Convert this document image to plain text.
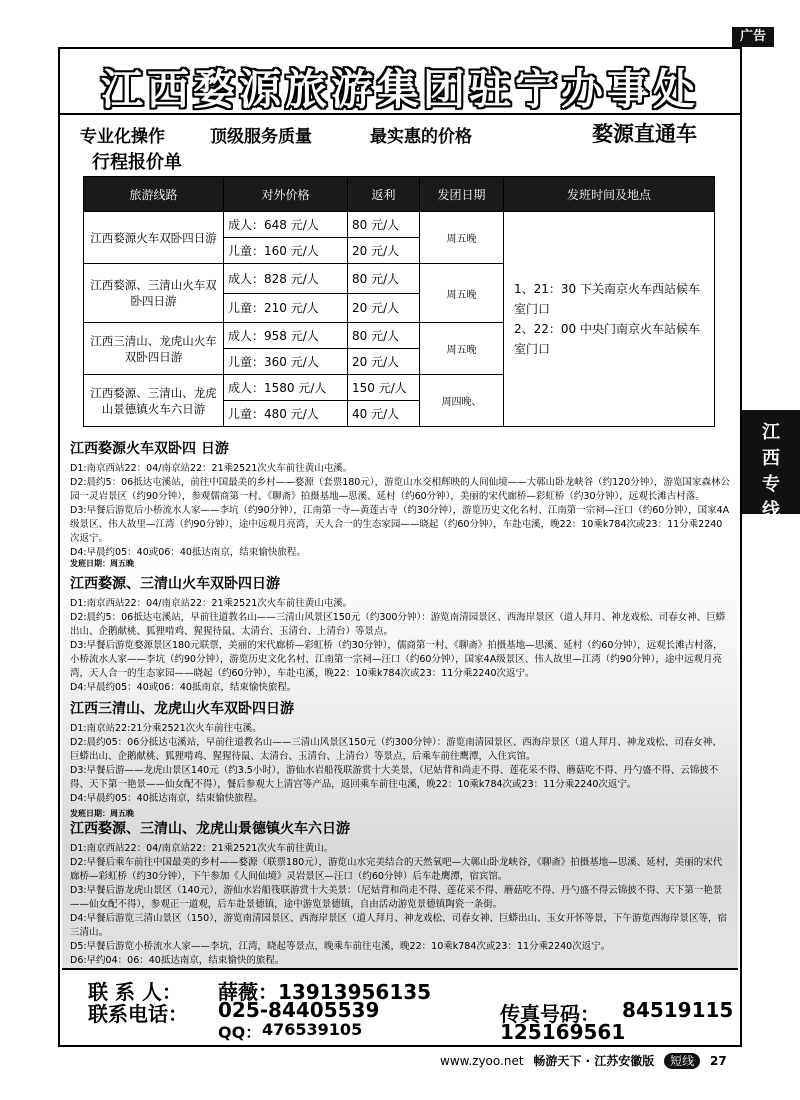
广告
江西婺源旅游集团驻宁办事处
专业化操作	顶级服务质量	最实惠的价格	婺源直通车
行程报价单
旅游线路	对外价格	返利	发团日期	发班时间及地点
江西婺源火车双卧四日游	成人：648 元/人	80 元/人	周五晚	1、21：30 下关南京火车西站候车室门口
2、22：00 中央门南京火车站候车室门口

	儿童：160 元/人	20 元/人		
江西婺源、三清山火车双卧四日游	成人：828 元/人	80 元/人	周五晚	
	儿童：210 元/人	20 元/人		
江西三清山、龙虎山火车双卧四日游	成人：958 元/人	80 元/人	周五晚	
	儿童：360 元/人	20 元/人		
江西婺源、三清山、龙虎山景德镇火车六日游	成人：1580 元/人	150 元/人	周四晚、	
	儿童：480 元/人	40 元/人		
江西专线

江西婺源火车双卧四 日游

D1:南京西站22：04/南京站22：21乘2521次火车前往黄山屯溪。

D2:晨约5：06抵达屯溪站，前往中国最美的乡村——婺源（套票180元），游览山水交相辉映的人间仙境——大鄣山卧龙峡谷（约120分钟），游览国家森林公园一灵岩景区（约90分钟），参观儒商第一村、《聊斋》拍摄基地—思溪、延村（约60分钟），美丽的宋代廊桥—彩虹桥（约30分钟），远观长滩古村落。

D3:早餐后游览后小桥流水人家——李坑（约90分钟），江南第一寺—黄莲古寺（约30分钟），游览历史文化名村、江南第一宗祠—汪口（约60分钟），国家4A级景区、伟人故里—江湾（约90分钟），途中远观月亮湾，天人合一的生态家园——晓起（约60分钟），车赴屯溪，晚22：10乘k784次或23：11分乘2240次返宁。

D4:早晨约05：40或06：40抵达南京，结束愉快旅程。

发班日期：周五晚

江西婺源、三清山火车双卧四日游

D1:南京西站22：04/南京站22：21乘2521次火车前往黄山屯溪。

D2:晨约5：06抵达屯溪站，早前往道教名山——三清山风景区150元（约300分钟）：游览南清园景区、西海岸景区（道人拜月、神龙戏松、司春女神、巨蟒出山、企鹅献桃、狐狸啃鸡、猩猩待鼠、太清台、玉清台、上清台）等景点。

D3:早餐后游览婺源景区180元联票，美丽的宋代廊桥—彩虹桥（约30分钟），儒商第一村、《聊斋》拍摄基地—思溪、延村（约60分钟），远观长滩古村落，小桥流水人家——李坑（约90分钟），游览历史文化名村、江南第一宗祠—汪口（约60分钟），国家4A级景区、伟人故里—江湾（约90分钟），途中远观月亮湾，天人合一的生态家园——晓起（约60分钟），车赴屯溪，晚22：10乘k784次或23：11分乘2240次返宁。

D4:早晨约05：40或06：40抵南京，结束愉快旅程。

江西三清山、龙虎山火车双卧四日游

D1:南京站22:21分乘2521次火车前往屯溪。

D2:晨约05：06分抵达屯溪站，早前往道教名山——三清山风景区150元（约300分钟）：游览南清园景区、西海岸景区（道人拜月、神龙戏松、司春女神、巨蟒出山、企鹅献桃、狐狸啃鸡、猩猩待鼠、太清台、玉清台、上清台）等景点，后乘车前往鹰潭，入住宾馆。

D3:早餐后游——龙虎山景区140元（约3.5小时），游仙水岩船筏联游赏十大美景，（尼姑背和尚走不得、莲花采不得、蘑菇吃不得、丹勺盛不得、云锦披不得、天下第一艳景——仙女配不得），餐后参观大上清宫等产品，返回乘车前往屯溪，晚22：10乘k784次或23：11分乘2240次返宁。

D4:早晨约05：40抵达南京，结束愉快旅程。

发班日期：周五晚

江西婺源、三清山、龙虎山景德镇火车六日游

D1:南京西站22：04/南京站22：21乘2521次火车前往黄山。

D2:早餐后乘车前往中国最美的乡村——婺源（联票180元），游览山水完美结合的天然氧吧—大鄣山卧龙峡谷，《聊斋》拍摄基地—思溪、延村，美丽的宋代廊桥—彩虹桥（约30分钟），下午参加《人间仙境》灵岩景区—汪口（约60分钟）后车赴鹰潭，宿宾馆。

D3:早餐后游龙虎山景区（140元），游仙水岩船筏联游赏十大美景：（尼姑背和尚走不得、莲花采不得、蘑菇吃不得、丹勺盛不得云锦披不得、天下第一艳景——仙女配不得），参观正一道观，后车赴景德镇，途中游览景德镇，自由活动游览景德镇陶瓷一条街。

D4:早餐后游览三清山景区（150），游览南清园景区、西海岸景区（道人拜月、神龙戏松、司春女神、巨蟒出山、玉女开怀等景，下午游览西海岸景区等，宿三清山。

D5:早餐后游览小桥流水人家——李坑，江湾，晓起等景点，晚乘车前往屯溪，晚22：10乘k784次或23：11分乘2240次返宁。

D6:早约04：06：40抵达南京，结束愉快的旅程。

联 系 人： 薛薇：13913956135
联系电话： 025-84405539
QQ： 476539105
传真号码： 84519115
125169561
www.zyoo.net 畅游天下 · 江苏安徽版 短线 27
